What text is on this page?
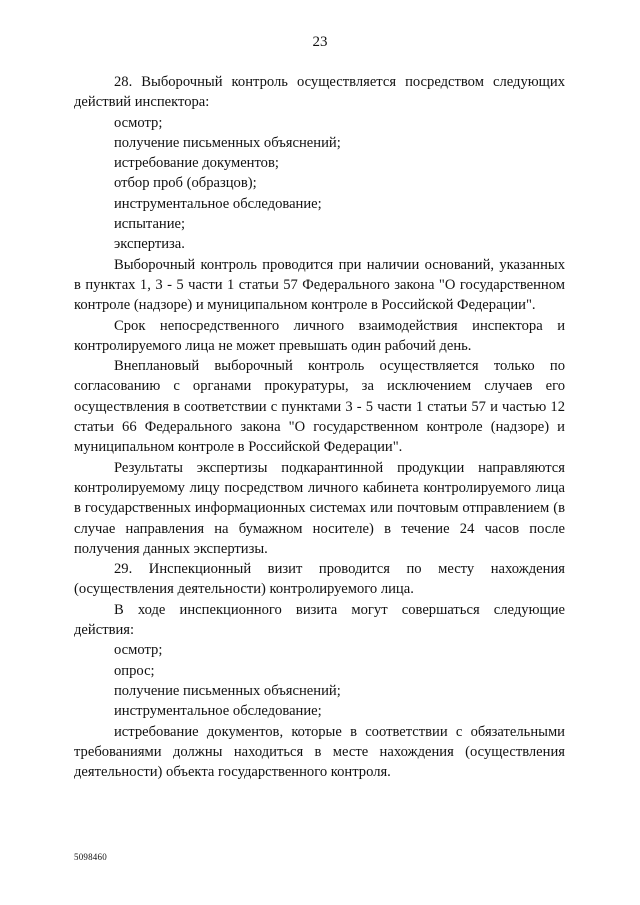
23

28. Выборочный контроль осуществляется посредством следующих действий инспектора:

осмотр;

получение письменных объяснений;

истребование документов;

отбор проб (образцов);

инструментальное обследование;

испытание;

экспертиза.

Выборочный контроль проводится при наличии оснований, указанных в пунктах 1, 3 - 5 части 1 статьи 57 Федерального закона "О государственном контроле (надзоре) и муниципальном контроле в Российской Федерации".

Срок непосредственного личного взаимодействия инспектора и контролируемого лица не может превышать один рабочий день.

Внеплановый выборочный контроль осуществляется только по согласованию с органами прокуратуры, за исключением случаев его осуществления в соответствии с пунктами 3 - 5 части 1 статьи 57 и частью 12 статьи 66 Федерального закона "О государственном контроле (надзоре) и муниципальном контроле в Российской Федерации".

Результаты экспертизы подкарантинной продукции направляются контролируемому лицу посредством личного кабинета контролируемого лица в государственных информационных системах или почтовым отправлением (в случае направления на бумажном носителе) в течение 24 часов после получения данных экспертизы.

29. Инспекционный визит проводится по месту нахождения (осуществления деятельности) контролируемого лица.

В ходе инспекционного визита могут совершаться следующие действия:

осмотр;

опрос;

получение письменных объяснений;

инструментальное обследование;

истребование документов, которые в соответствии с обязательными требованиями должны находиться в месте нахождения (осуществления деятельности) объекта государственного контроля.

5098460
